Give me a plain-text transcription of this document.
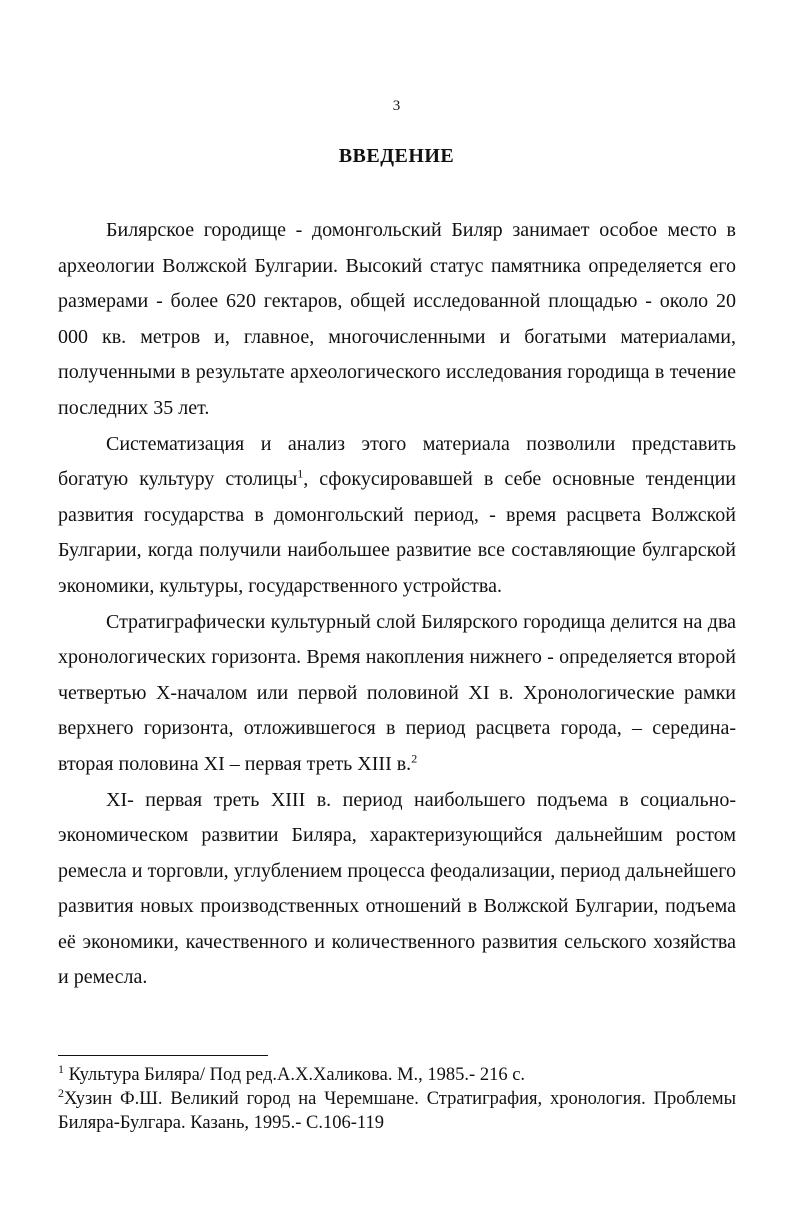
3

ВВЕДЕНИЕ

Билярское городище - домонгольский Биляр занимает особое место в археологии Волжской Булгарии. Высокий статус памятника определяется его размерами - более 620 гектаров, общей исследованной площадью - около 20 000 кв. метров и, главное, многочисленными и богатыми материалами, полученными в результате археологического исследования городища в течение последних 35 лет.

Систематизация и анализ этого материала позволили представить богатую культуру столицы$^1$, сфокусировавшей в себе основные тенденции развития государства в домонгольский период, - время расцвета Волжской Булгарии, когда получили наибольшее развитие все составляющие булгарской экономики, культуры, государственного устройства.

Стратиграфически культурный слой Билярского городища делится на два хронологических горизонта. Время накопления нижнего - определяется второй четвертью X-началом или первой половиной XI в. Хронологические рамки верхнего горизонта, отложившегося в период расцвета города, – середина- вторая половина XI – первая треть XIII в.$^2$

XI- первая треть XIII в. период наибольшего подъема в социально-экономическом развитии Биляра, характеризующийся дальнейшим ростом ремесла и торговли, углублением процесса феодализации, период дальнейшего развития новых производственных отношений в Волжской Булгарии, подъема её экономики, качественного и количественного развития сельского хозяйства и ремесла.

$^1$ Культура Биляра/ Под ред.А.Х.Халикова. М., 1985.- 216 с.

$^2$Хузин Ф.Ш. Великий город на Черемшане. Стратиграфия, хронология. Проблемы Биляра-Булгара. Казань, 1995.- С.106-119
